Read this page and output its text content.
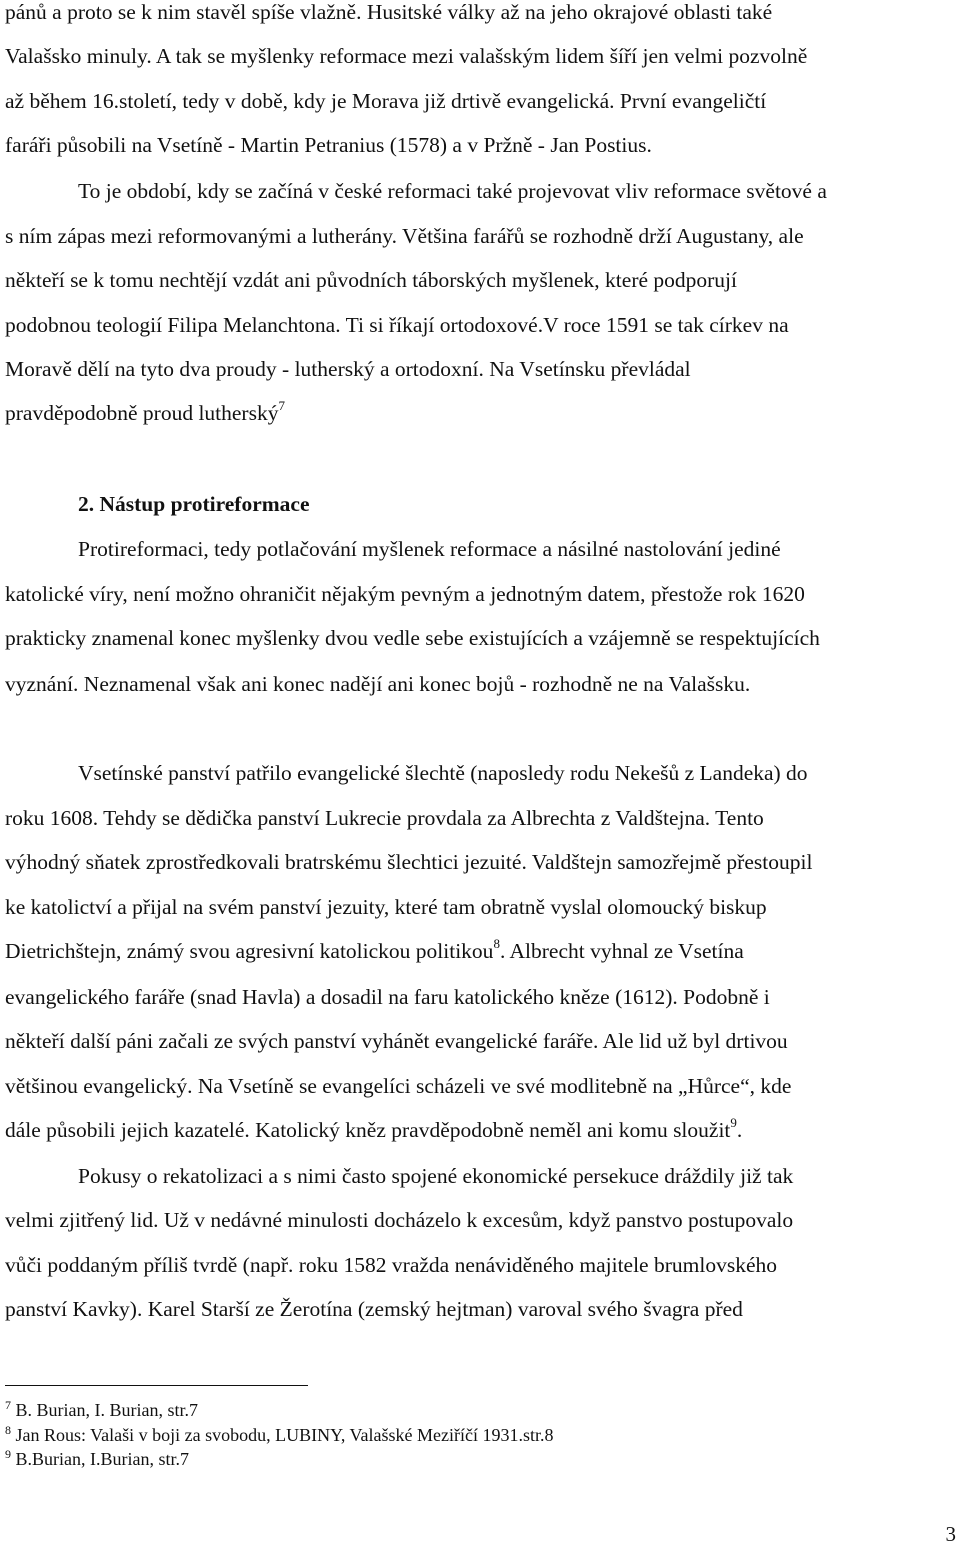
pánů a proto se k nim stavěl spíše vlažně. Husitské války až na jeho okrajové oblasti také
Valašsko minuly. A tak se myšlenky reformace mezi valašským lidem šíří jen velmi pozvolně
až během 16.století, tedy v době, kdy je Morava již drtivě evangelická. První evangeličtí
faráři působili na Vsetíně - Martin Petranius (1578) a v Pržně - Jan Postius.
To je období, kdy se začíná v české reformaci také projevovat vliv reformace světové a
s ním zápas mezi reformovanými a lutherány. Většina farářů se rozhodně drží Augustany, ale
někteří se k tomu nechtějí vzdát ani původních táborských myšlenek, které podporují
podobnou teologií Filipa Melanchtona. Ti si říkají ortodoxové.V roce 1591 se tak církev na
Moravě dělí na tyto dva proudy - lutherský a ortodoxní. Na Vsetínsku převládal
pravděpodobně proud lutherský$^7$
2. Nástup protireformace
Protireformaci, tedy potlačování myšlenek reformace a násilné nastolování jediné
katolické víry, není možno ohraničit nějakým pevným a jednotným datem, přestože rok 1620
prakticky znamenal konec myšlenky dvou vedle sebe existujících a vzájemně se respektujících
vyznání. Neznamenal však ani konec nadějí ani konec bojů - rozhodně ne na Valašsku.
Vsetínské panství patřilo evangelické šlechtě (naposledy rodu Nekešů z Landeka) do
roku 1608. Tehdy se dědička panství Lukrecie provdala za Albrechta z Valdštejna. Tento
výhodný sňatek zprostředkovali bratrskému šlechtici jezuité. Valdštejn samozřejmě přestoupil
ke katolictví a přijal na svém panství jezuity, které tam obratně vyslal olomoucký biskup
Dietrichštejn, známý svou agresivní katolickou politikou$^8$. Albrecht vyhnal ze Vsetína
evangelického faráře (snad Havla) a dosadil na faru katolického kněze (1612). Podobně i
někteří další páni začali ze svých panství vyhánět evangelické faráře. Ale lid už byl drtivou
většinou evangelický. Na Vsetíně se evangelíci scházeli ve své modlitebně na „Hůrce“, kde
dále působili jejich kazatelé. Katolický kněz pravděpodobně neměl ani komu sloužit$^9$.
Pokusy o rekatolizaci a s nimi často spojené ekonomické persekuce dráždily již tak
velmi zjitřený lid. Už v nedávné minulosti docházelo k excesům, když panstvo postupovalo
vůči poddaným příliš tvrdě (např. roku 1582 vražda nenáviděného majitele brumlovského
panství Kavky). Karel Starší ze Žerotína (zemský hejtman) varoval svého švagra před
$^7$ B. Burian, I. Burian, str.7
$^8$ Jan Rous: Valaši v boji za svobodu, LUBINY, Valašské Meziříčí 1931.str.8
$^9$ B.Burian, I.Burian, str.7
3
